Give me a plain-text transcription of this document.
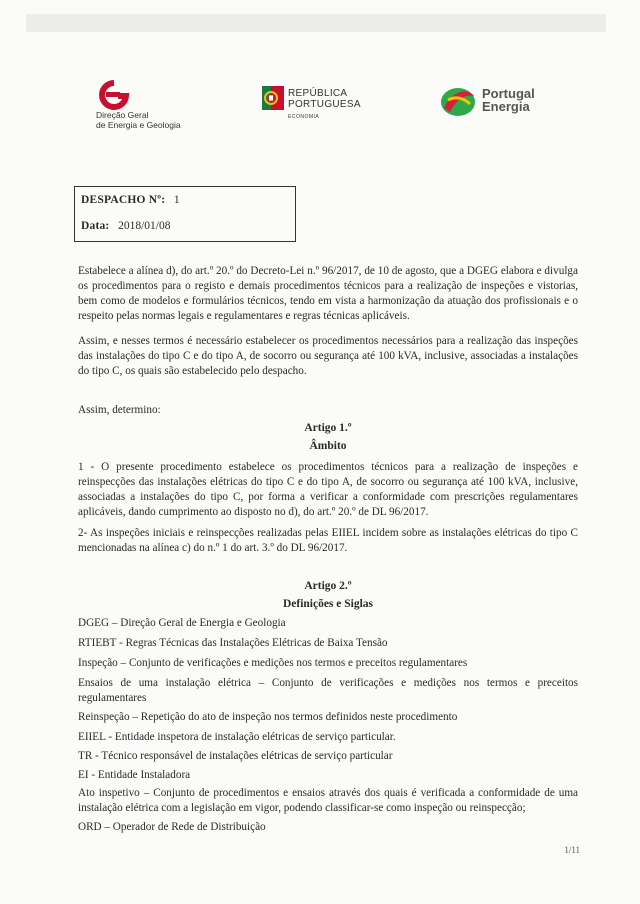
Direção Geral
de Energia e Geologia
REPÚBLICA
PORTUGUESA
ECONOMIA
Portugal
Energia
DESPACHO Nº: 1
Data: 2018/01/08
Estabelece a alínea d), do art.º 20.º do Decreto-Lei n.º 96/2017, de 10 de agosto, que a DGEG elabora e divulga os procedimentos para o registo e demais procedimentos técnicos para a realização de inspeções e vistorias, bem como de modelos e formulários técnicos, tendo em vista a harmonização da atuação dos profissionais e o respeito pelas normas legais e regulamentares e regras técnicas aplicáveis.
Assim, e nesses termos é necessário estabelecer os procedimentos necessários para a realização das inspeções das instalações do tipo C e do tipo A, de socorro ou segurança até 100 kVA, inclusive, associadas a instalações do tipo C, os quais são estabelecido pelo despacho.
Assim, determino:
Artigo 1.º
Âmbito
1 - O presente procedimento estabelece os procedimentos técnicos para a realização de inspeções e reinspecções das instalações elétricas do tipo C e do tipo A, de socorro ou segurança até 100 kVA, inclusive, associadas a instalações do tipo C, por forma a verificar a conformidade com prescrições regulamentares aplicáveis, dando cumprimento ao disposto no d), do art.º 20.º de DL 96/2017.
2- As inspeções iniciais e reinspecções realizadas pelas EIIEL incidem sobre as instalações elétricas do tipo C mencionadas na alínea c) do n.º 1 do art. 3.º do DL 96/2017.
Artigo 2.º
Definições e Siglas
DGEG – Direção Geral de Energia e Geologia
RTIEBT - Regras Técnicas das Instalações Elétricas de Baixa Tensão
Inspeção – Conjunto de verificações e medições nos termos e preceitos regulamentares
Ensaios de uma instalação elétrica – Conjunto de verificações e medições nos termos e preceitos regulamentares
Reinspeção – Repetição do ato de inspeção nos termos definidos neste procedimento
EIIEL - Entidade inspetora de instalação elétricas de serviço particular.
TR - Técnico responsável de instalações elétricas de serviço particular
EI - Entidade Instaladora
Ato inspetivo – Conjunto de procedimentos e ensaios através dos quais é verificada a conformidade de uma instalação elétrica com a legislação em vigor, podendo classificar-se como inspeção ou reinspecção;
ORD – Operador de Rede de Distribuição
1/11
